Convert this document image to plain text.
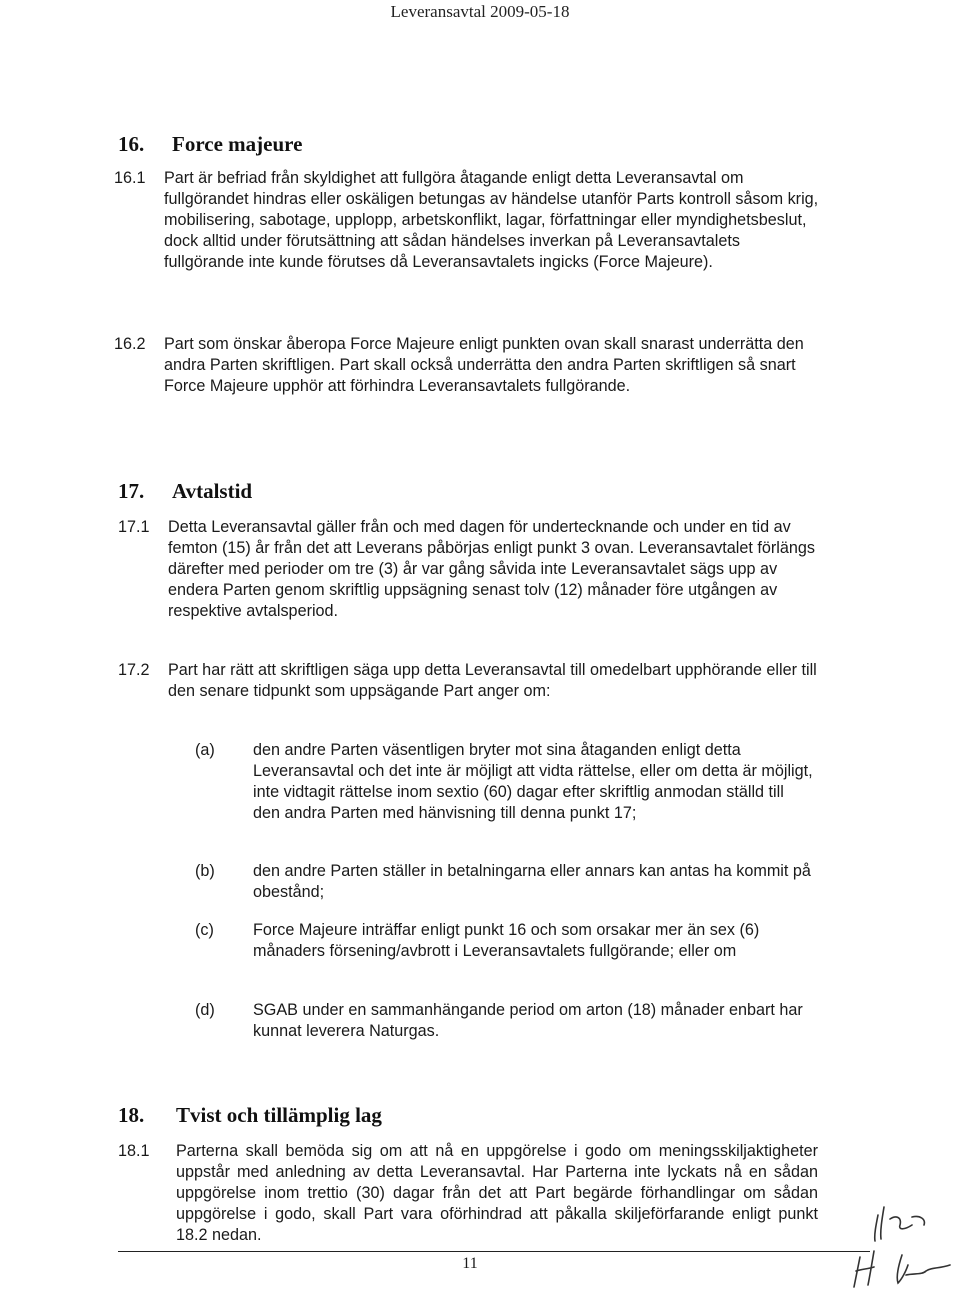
Leveransavtal 2009-05-18
16. Force majeure
16.1 Part är befriad från skyldighet att fullgöra åtagande enligt detta Leveransavtal om fullgörandet hindras eller oskäligen betungas av händelse utanför Parts kontroll såsom krig, mobilisering, sabotage, upplopp, arbetskonflikt, lagar, författningar eller myndighetsbeslut, dock alltid under förutsättning att sådan händelses inverkan på Leveransavtalets fullgörande inte kunde förutses då Leveransavtalets ingicks (Force Majeure).
16.2 Part som önskar åberopa Force Majeure enligt punkten ovan skall snarast underrätta den andra Parten skriftligen. Part skall också underrätta den andra Parten skriftligen så snart Force Majeure upphör att förhindra Leveransavtalets fullgörande.
17. Avtalstid
17.1 Detta Leveransavtal gäller från och med dagen för undertecknande och under en tid av femton (15) år från det att Leverans påbörjas enligt punkt 3 ovan. Leveransavtalet förlängs därefter med perioder om tre (3) år var gång såvida inte Leveransavtalet sägs upp av endera Parten genom skriftlig uppsägning senast tolv (12) månader före utgången av respektive avtalsperiod.
17.2 Part har rätt att skriftligen säga upp detta Leveransavtal till omedelbart upphörande eller till den senare tidpunkt som uppsägande Part anger om:
(a) den andre Parten väsentligen bryter mot sina åtaganden enligt detta Leveransavtal och det inte är möjligt att vidta rättelse, eller om detta är möjligt, inte vidtagit rättelse inom sextio (60) dagar efter skriftlig anmodan ställd till den andra Parten med hänvisning till denna punkt 17;
(b) den andre Parten ställer in betalningarna eller annars kan antas ha kommit på obestånd;
(c) Force Majeure inträffar enligt punkt 16 och som orsakar mer än sex (6) månaders försening/avbrott i Leveransavtalets fullgörande; eller om
(d) SGAB under en sammanhängande period om arton (18) månader enbart har kunnat leverera Naturgas.
18. Tvist och tillämplig lag
18.1 Parterna skall bemöda sig om att nå en uppgörelse i godo om meningsskiljaktigheter uppstår med anledning av detta Leveransavtal. Har Parterna inte lyckats nå en sådan uppgörelse inom trettio (30) dagar från det att Part begärde förhandlingar om sådan uppgörelse i godo, skall Part vara oförhindrad att påkalla skiljeförfarande enligt punkt 18.2 nedan.
11
